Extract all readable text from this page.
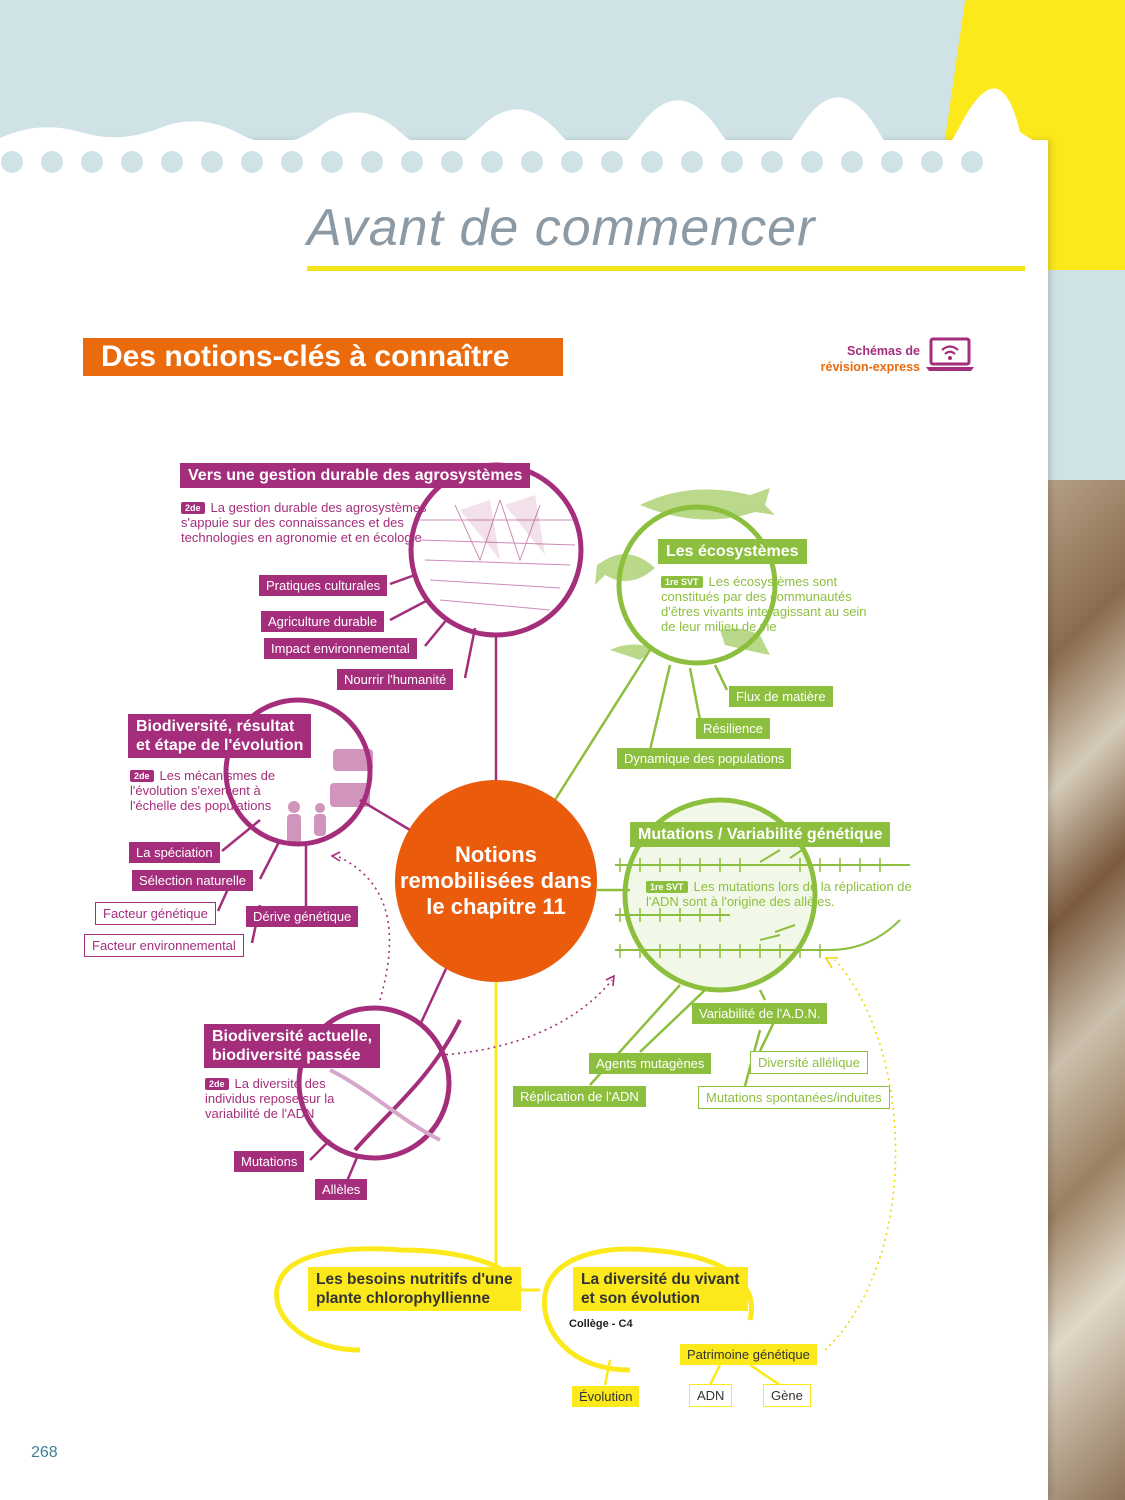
Avant de commencer
Des notions-clés à connaître	Schémas de
révision-express
Notions remobilisées dans le chapitre 11
Vers une gestion durable des agrosystèmes
2de La gestion durable des agrosystèmes s'appuie sur des connaissances et des technologies en agronomie et en écologie
Pratiques culturales
Agriculture durable
Impact environnemental
Nourrir l'humanité
Les écosystèmes
1re SVT Les écosystèmes sont constitués par des communautés d'êtres vivants interagissant au sein de leur milieu de vie
Flux de matière
Résilience
Dynamique des populations
Biodiversité, résultat
et étape de l'évolution
2de Les mécanismes de l'évolution s'exercent à l'échelle des populations
La spéciation
Sélection naturelle
Dérive génétique
Facteur génétique
Facteur environnemental
Mutations / Variabilité génétique
1re SVT Les mutations lors de la réplication de l'ADN sont à l'origine des allèles.
Variabilité de l'A.D.N.
Agents mutagènes
Réplication de l'ADN
Diversité allélique
Mutations spontanées/induites
Biodiversité actuelle,
biodiversité passée
2de La diversité des individus repose sur la variabilité de l'ADN
Mutations
Allèles
Les besoins nutritifs d'une
plante chlorophyllienne
La diversité du vivant
et son évolution
Collège - C4
Patrimoine génétique
Évolution	ADN	Gène
268
